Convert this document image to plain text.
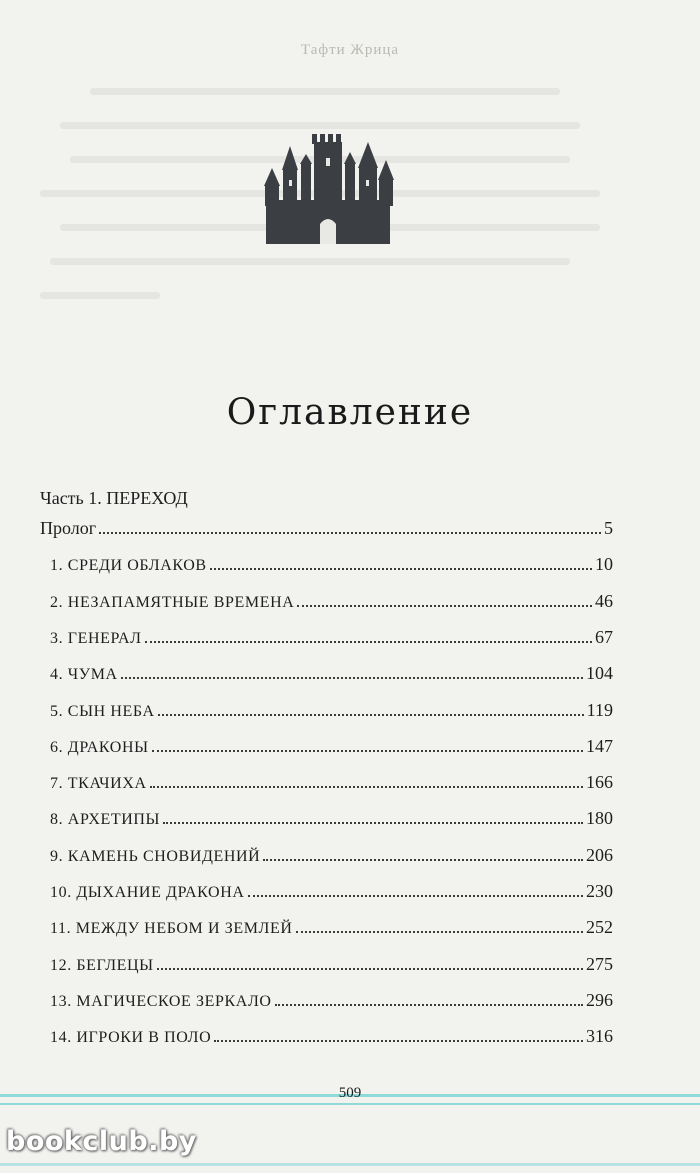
Тафти Жрица
Оглавление
Часть 1. ПЕРЕХОД
Пролог	5
1. СРЕДИ ОБЛАКОВ	10
2. НЕЗАПАМЯТНЫЕ ВРЕМЕНА	46
3. ГЕНЕРАЛ	67
4. ЧУМА	104
5. СЫН НЕБА	119
6. ДРАКОНЫ	147
7. ТКАЧИХА	166
8. АРХЕТИПЫ	180
9. КАМЕНЬ СНОВИДЕНИЙ	206
10. ДЫХАНИЕ ДРАКОНА	230
11. МЕЖДУ НЕБОМ И ЗЕМЛЕЙ	252
12. БЕГЛЕЦЫ	275
13. МАГИЧЕСКОЕ ЗЕРКАЛО	296
14. ИГРОКИ В ПОЛО	316
509
bookclub.by
